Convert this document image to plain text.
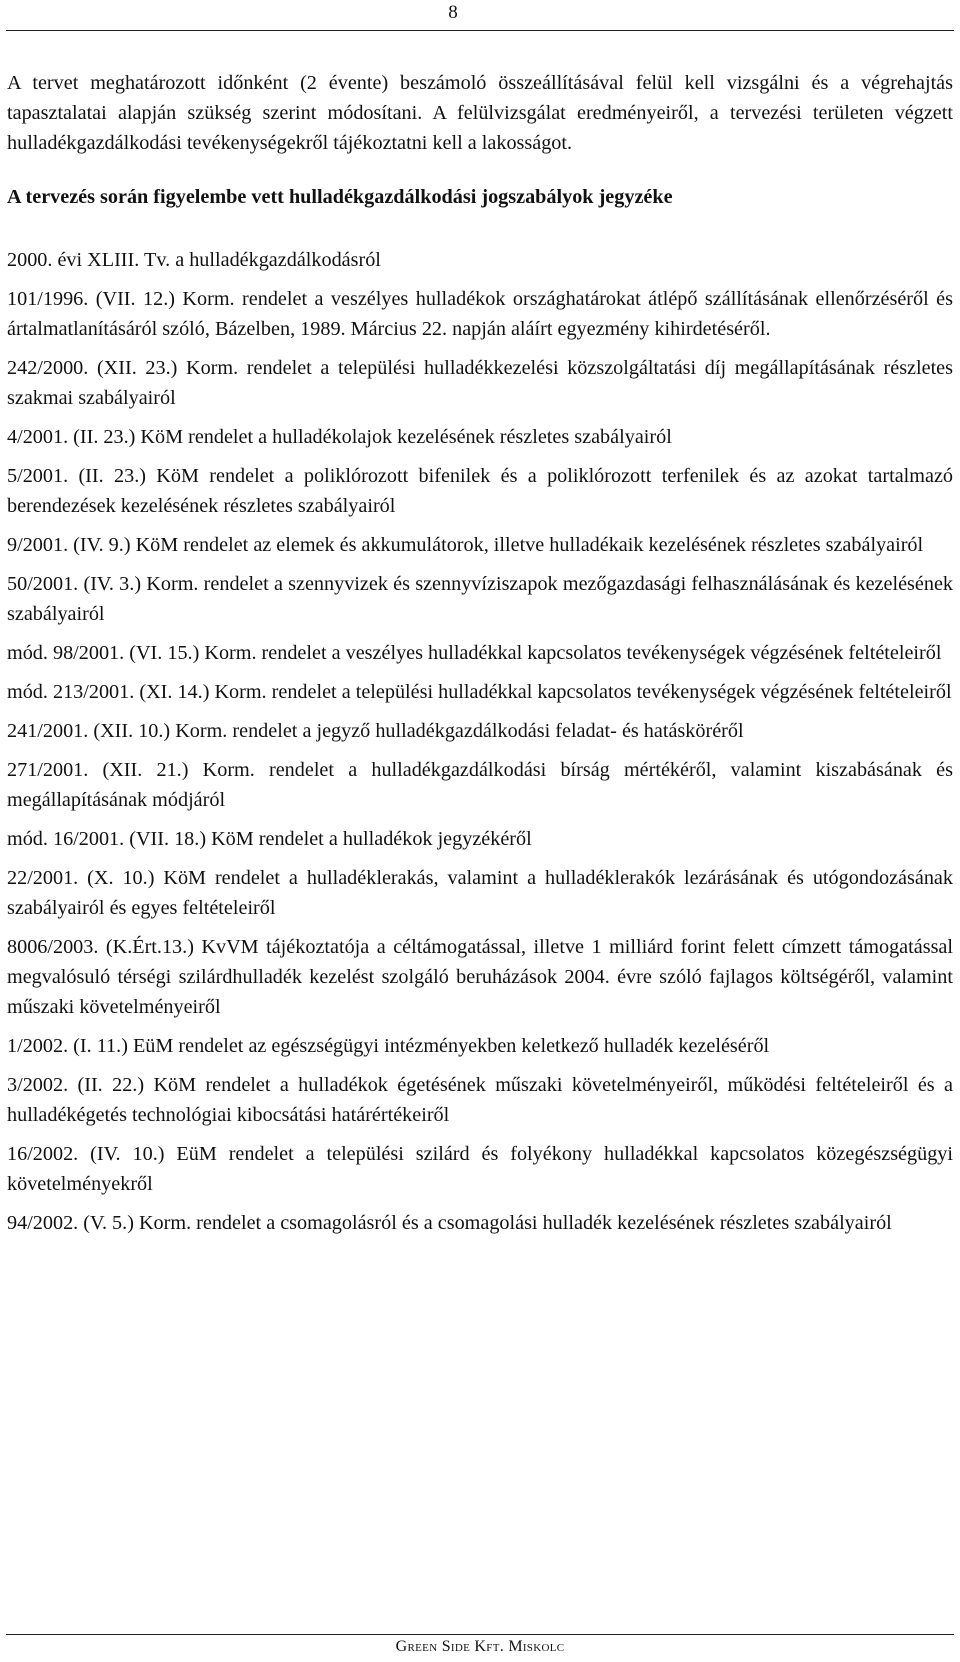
8

A tervet meghatározott időnként (2 évente) beszámoló összeállításával felül kell vizsgálni és a végrehajtás tapasztalatai alapján szükség szerint módosítani. A felülvizsgálat eredményeiről, a tervezési területen végzett hulladékgazdálkodási tevékenységekről tájékoztatni kell a lakosságot.

A tervezés során figyelembe vett hulladékgazdálkodási jogszabályok jegyzéke

2000. évi XLIII. Tv. a hulladékgazdálkodásról
101/1996. (VII. 12.) Korm. rendelet a veszélyes hulladékok országhatárokat átlépő szállításának ellenőrzéséről és ártalmatlanításáról szóló, Bázelben, 1989. Március 22. napján aláírt egyezmény kihirdetéséről.
242/2000. (XII. 23.) Korm. rendelet a települési hulladékkezelési közszolgáltatási díj megállapításának részletes szakmai szabályairól
4/2001. (II. 23.) KöM rendelet a hulladékolajok kezelésének részletes szabályairól
5/2001. (II. 23.) KöM rendelet a poliklórozott bifenilek és a poliklórozott terfenilek és az azokat tartalmazó berendezések kezelésének részletes szabályairól
9/2001. (IV. 9.) KöM rendelet az elemek és akkumulátorok, illetve hulladékaik kezelésének részletes szabályairól
50/2001. (IV. 3.) Korm. rendelet a szennyvizek és szennyvíziszapok mezőgazdasági felhasználásának és kezelésének szabályairól
mód. 98/2001. (VI. 15.) Korm. rendelet a veszélyes hulladékkal kapcsolatos tevékenységek végzésének feltételeiről
mód. 213/2001. (XI. 14.) Korm. rendelet a települési hulladékkal kapcsolatos tevékenységek végzésének feltételeiről
241/2001. (XII. 10.) Korm. rendelet a jegyző hulladékgazdálkodási feladat- és hatásköréről
271/2001. (XII. 21.) Korm. rendelet a hulladékgazdálkodási bírság mértékéről, valamint kiszabásának és megállapításának módjáról
mód. 16/2001. (VII. 18.) KöM rendelet a hulladékok jegyzékéről
22/2001. (X. 10.) KöM rendelet a hulladéklerakás, valamint a hulladéklerakók lezárásának és utógondozásának szabályairól és egyes feltételeiről
8006/2003. (K.Ért.13.) KvVM tájékoztatója a céltámogatással, illetve 1 milliárd forint felett címzett támogatással megvalósuló térségi szilárdhulladék kezelést szolgáló beruházások 2004. évre szóló fajlagos költségéről, valamint műszaki követelményeiről
1/2002. (I. 11.) EüM rendelet az egészségügyi intézményekben keletkező hulladék kezeléséről
3/2002. (II. 22.) KöM rendelet a hulladékok égetésének műszaki követelményeiről, működési feltételeiről és a hulladékégetés technológiai kibocsátási határértékeiről
16/2002. (IV. 10.) EüM rendelet a települési szilárd és folyékony hulladékkal kapcsolatos közegészségügyi követelményekről
94/2002. (V. 5.) Korm. rendelet a csomagolásról és a csomagolási hulladék kezelésének részletes szabályairól
Green Side Kft. Miskolc
